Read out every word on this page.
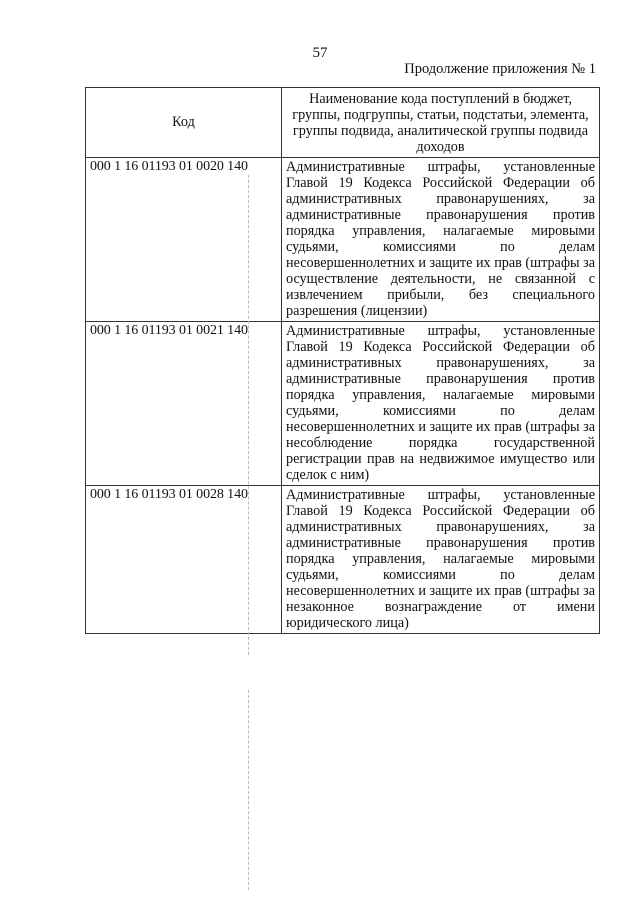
57
Продолжение приложения № 1
Код	Наименование кода поступлений в бюджет, группы, подгруппы, статьи, подстатьи, элемента, группы подвида, аналитической группы подвида доходов
000 1 16 01193 01 0020 140	Административные штрафы, установленные Главой 19 Кодекса Российской Федерации об административных правонарушениях, за административные правонарушения против порядка управления, налагаемые мировыми судьями, комиссиями по делам несовершеннолетних и защите их прав (штрафы за осуществление деятельности, не связанной с извлечением прибыли, без специального разрешения (лицензии)
000 1 16 01193 01 0021 140	Административные штрафы, установленные Главой 19 Кодекса Российской Федерации об административных правонарушениях, за административные правонарушения против порядка управления, налагаемые мировыми судьями, комиссиями по делам несовершеннолетних и защите их прав (штрафы за несоблюдение порядка государственной регистрации прав на недвижимое имущество или сделок с ним)
000 1 16 01193 01 0028 140	Административные штрафы, установленные Главой 19 Кодекса Российской Федерации об административных правонарушениях, за административные правонарушения против порядка управления, налагаемые мировыми судьями, комиссиями по делам несовершеннолетних и защите их прав (штрафы за незаконное вознаграждение от имени юридического лица)
